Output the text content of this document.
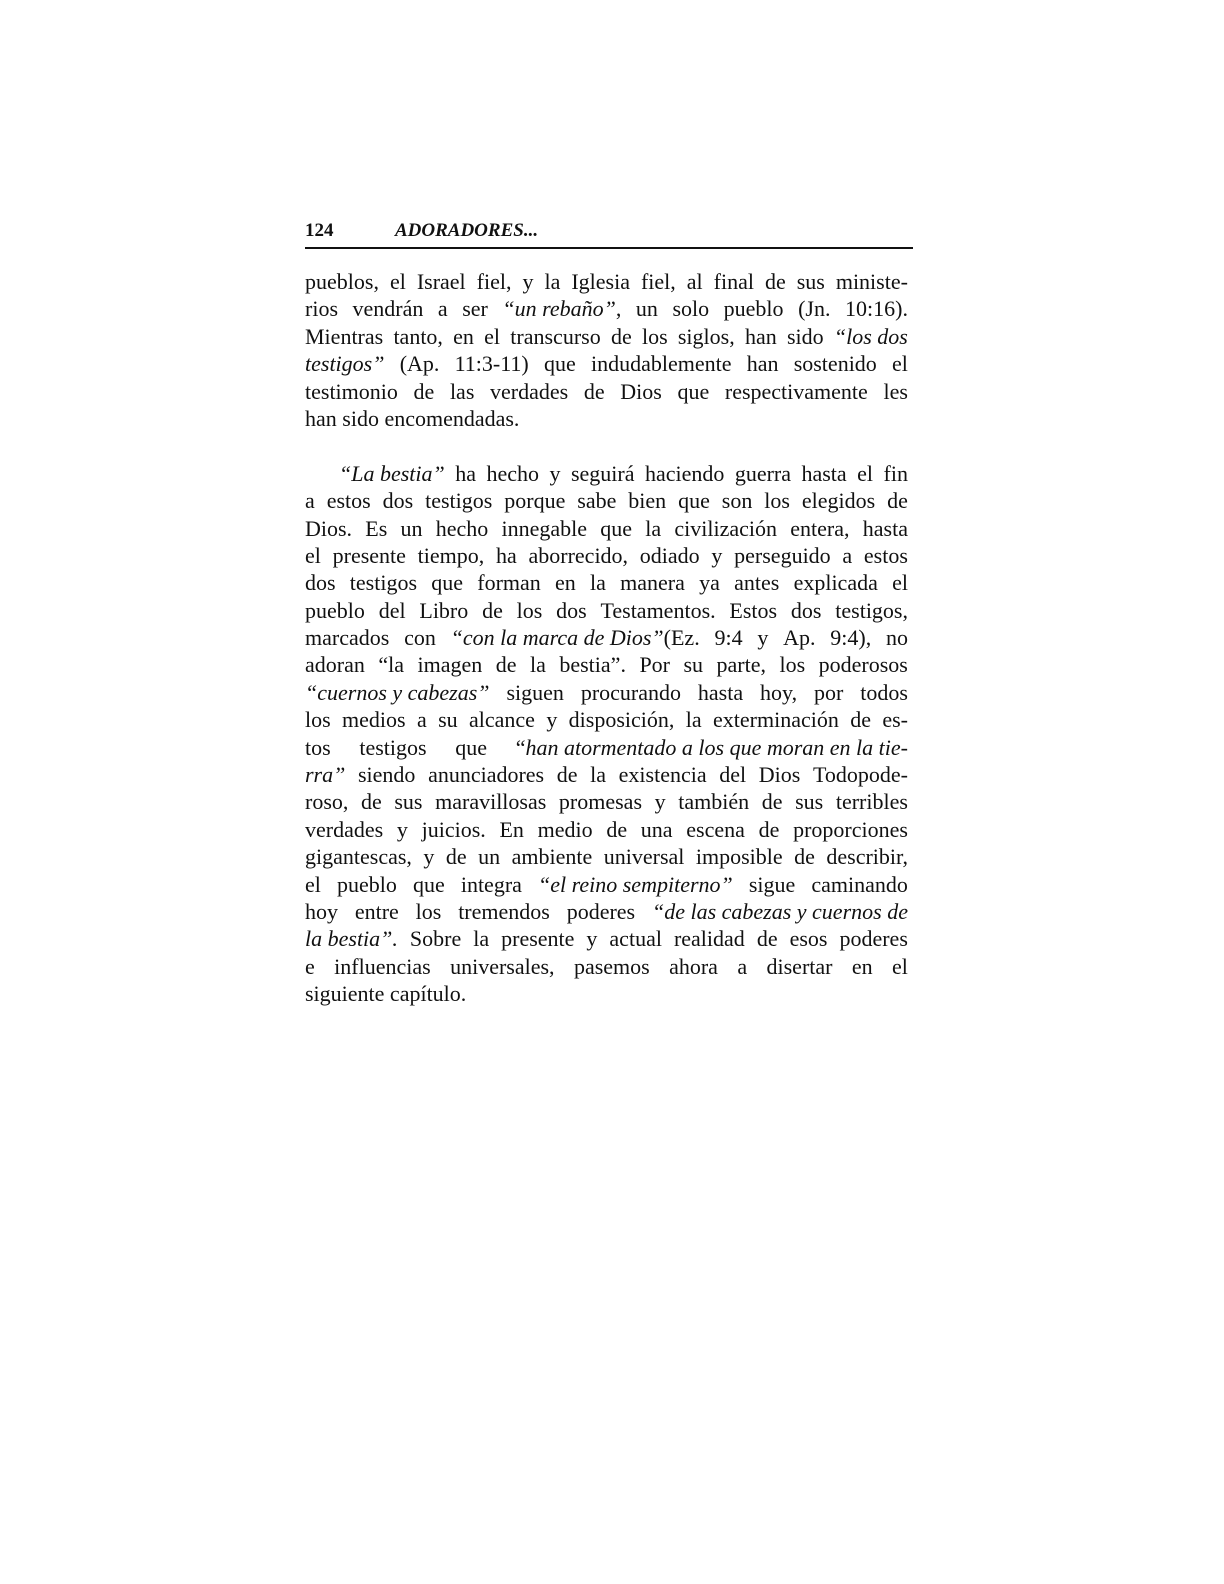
124	ADORADORES...
pueblos, el Israel fiel, y la Iglesia fiel, al final de sus ministe-
rios vendrán a ser “un rebaño”, un solo pueblo (Jn. 10:16).
Mientras tanto, en el transcurso de los siglos, han sido “los dos
testigos” (Ap. 11:3-11) que indudablemente han sostenido el
testimonio de las verdades de Dios que respectivamente les
han sido encomendadas.
“La bestia” ha hecho y seguirá haciendo guerra hasta el fin
a estos dos testigos porque sabe bien que son los elegidos de
Dios. Es un hecho innegable que la civilización entera, hasta
el presente tiempo, ha aborrecido, odiado y perseguido a estos
dos testigos que forman en la manera ya antes explicada el
pueblo del Libro de los dos Testamentos. Estos dos testigos,
marcados con “con la marca de Dios”(Ez. 9:4 y Ap. 9:4), no
adoran “la imagen de la bestia”. Por su parte, los poderosos
“cuernos y cabezas” siguen procurando hasta hoy, por todos
los medios a su alcance y disposición, la exterminación de es-
tos testigos que “han atormentado a los que moran en la tie-
rra” siendo anunciadores de la existencia del Dios Todopode-
roso, de sus maravillosas promesas y también de sus terribles
verdades y juicios. En medio de una escena de proporciones
gigantescas, y de un ambiente universal imposible de describir,
el pueblo que integra “el reino sempiterno” sigue caminando
hoy entre los tremendos poderes “de las cabezas y cuernos de
la bestia”. Sobre la presente y actual realidad de esos poderes
e influencias universales, pasemos ahora a disertar en el
siguiente capítulo.
